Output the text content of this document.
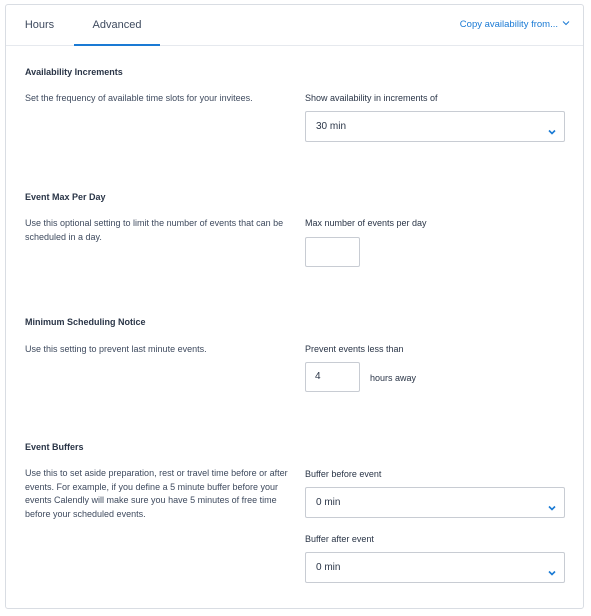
Hours	Advanced	Copy availability from...
Availability Increments
Set the frequency of available time slots for your invitees.	Show availability in increments of
30 min
Event Max Per Day
Use this optional setting to limit the number of events that can be scheduled in a day.
Max number of events per day
Minimum Scheduling Notice
Use this setting to prevent last minute events.	Prevent events less than
4	hours away
Event Buffers
Use this to set aside preparation, rest or travel time before or after events. For example, if you define a 5 minute buffer before your events Calendly will make sure you have 5 minutes of free time before your scheduled events.
Buffer before event
0 min
Buffer after event
0 min
